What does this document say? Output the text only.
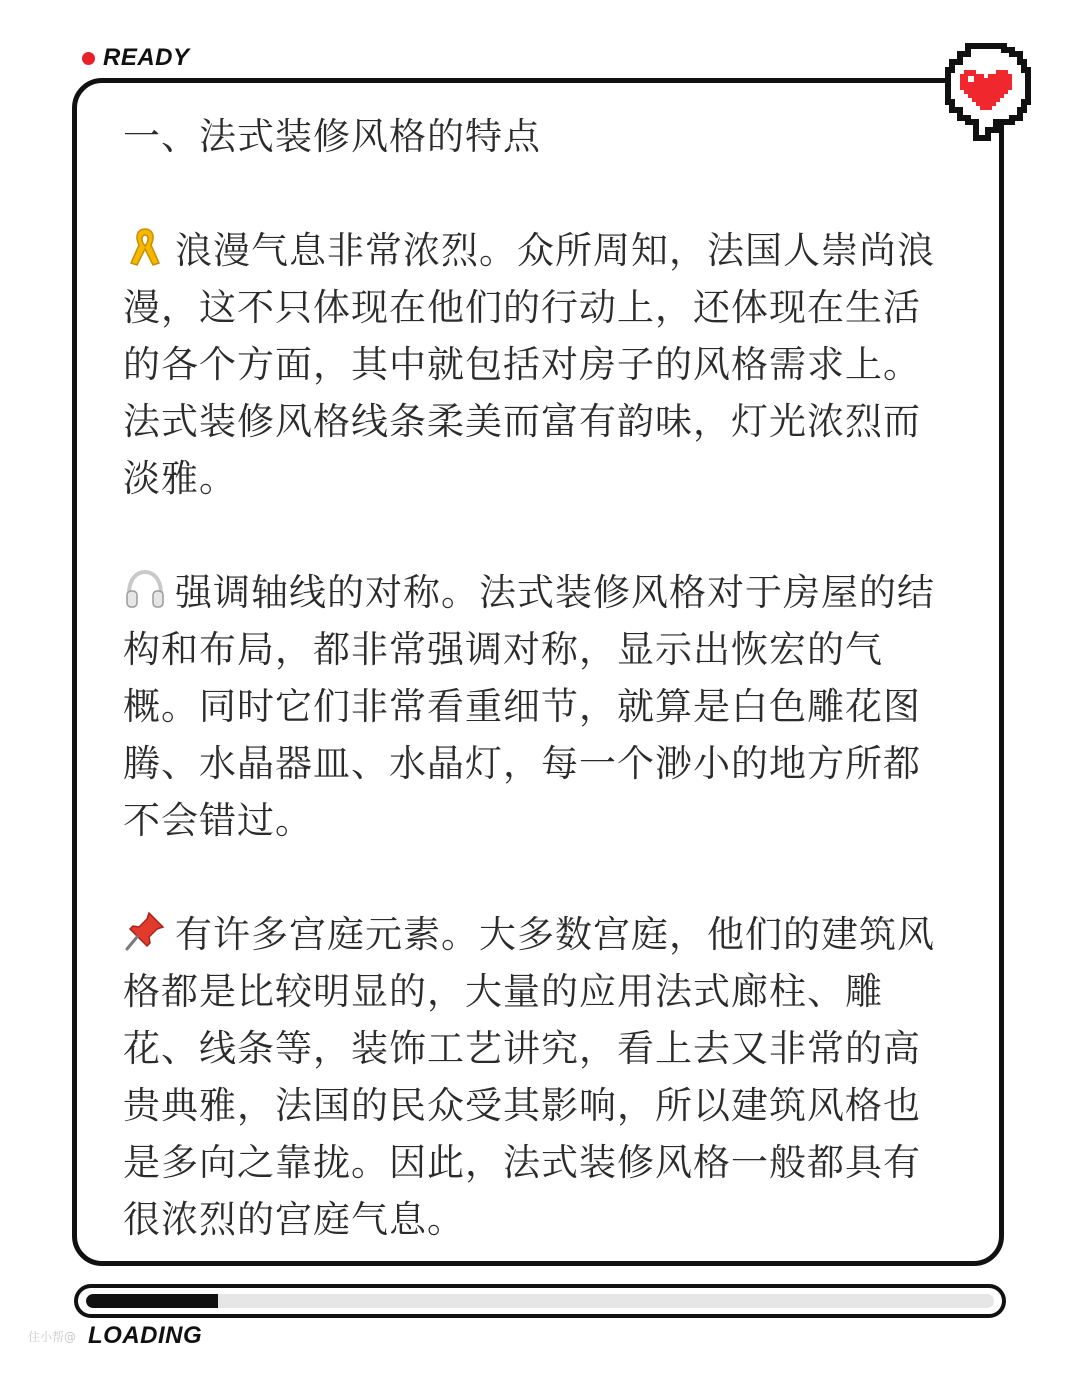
READY

一、法式装修风格的特点

浪漫气息非常浓烈。众所周知，法国人崇尚浪漫，这不只体现在他们的行动上，还体现在生活的各个方面，其中就包括对房子的风格需求上。法式装修风格线条柔美而富有韵味，灯光浓烈而淡雅。

强调轴线的对称。法式装修风格对于房屋的结构和布局，都非常强调对称，显示出恢宏的气概。同时它们非常看重细节，就算是白色雕花图腾、水晶器皿、水晶灯，每一个渺小的地方所都不会错过。

有许多宫庭元素。大多数宫庭，他们的建筑风格都是比较明显的，大量的应用法式廊柱、雕花、线条等，装饰工艺讲究，看上去又非常的高贵典雅，法国的民众受其影响，所以建筑风格也是多向之靠拢。因此，法式装修风格一般都具有很浓烈的宫庭气息。

住小帮@ LOADING
